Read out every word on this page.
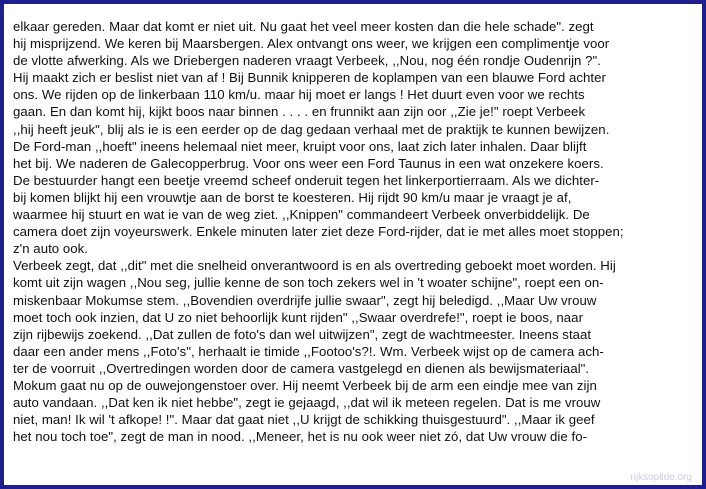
elkaar gereden. Maar dat komt er niet uit. Nu gaat het veel meer kosten dan die hele schade". zegt
hij misprijzend. We keren bij Maarsbergen. Alex ontvangt ons weer, we krijgen een complimentje voor
de vlotte afwerking. Als we Driebergen naderen vraagt Verbeek, ,,Nou, nog één rondje Oudenrijn ?".
Hij maakt zich er beslist niet van af ! Bij Bunnik knipperen de koplampen van een blauwe Ford achter
ons. We rijden op de linkerbaan 110 km/u. maar hij moet er langs ! Het duurt even voor we rechts
gaan. En dan komt hij, kijkt boos naar binnen . . . . en frunnikt aan zijn oor ,,Zie je!" roept Verbeek
,,hij heeft jeuk", blij als ie is een eerder op de dag gedaan verhaal met de praktijk te kunnen bewijzen.
De Ford-man ,,hoeft" ineens helemaal niet meer, kruipt voor ons, laat zich later inhalen. Daar blijft
het bij. We naderen de Galecopperbrug. Voor ons weer een Ford Taunus in een wat onzekere koers.
De bestuurder hangt een beetje vreemd scheef onderuit tegen het linkerportierraam. Als we dichter-
bij komen blijkt hij een vrouwtje aan de borst te koesteren. Hij rijdt 90 km/u maar je vraagt je af,
waarmee hij stuurt en wat ie van de weg ziet. ,,Knippen" commandeert Verbeek onverbiddelijk. De
camera doet zijn voyeurswerk. Enkele minuten later ziet deze Ford-rijder, dat ie met alles moet stoppen;
z'n auto ook.
Verbeek zegt, dat ,,dit" met die snelheid onverantwoord is en als overtreding geboekt moet worden. Hij
komt uit zijn wagen ,,Nou seg, jullie kenne de son toch zekers wel in 't woater schijne", roept een on-
miskenbaar Mokumse stem. ,,Bovendien overdrijfe jullie swaar", zegt hij beledigd. ,,Maar Uw vrouw
moet toch ook inzien, dat U zo niet behoorlijk kunt rijden" ,,Swaar overdrefe!", roept ie boos, naar
zijn rijbewijs zoekend. ,,Dat zullen de foto's dan wel uitwijzen", zegt de wachtmeester. Ineens staat
daar een ander mens ,,Foto's", herhaalt ie timide ,,Footoo's?!. Wm. Verbeek wijst op de camera ach-
ter de voorruit ,,Overtredingen worden door de camera vastgelegd en dienen als bewijsmateriaal".
Mokum gaat nu op de ouwejongenstoer over. Hij neemt Verbeek bij de arm een eindje mee van zijn
auto vandaan. ,,Dat ken ik niet hebbe", zegt ie gejaagd, ,,dat wil ik meteen regelen. Dat is me vrouw
niet, man! Ik wil 't afkope! !". Maar dat gaat niet ,,U krijgt de schikking thuisgestuurd". ,,Maar ik geef
het nou toch toe", zegt de man in nood. ,,Meneer, het is nu ook weer niet zó, dat Uw vrouw die fo-
rijksoplide.org
